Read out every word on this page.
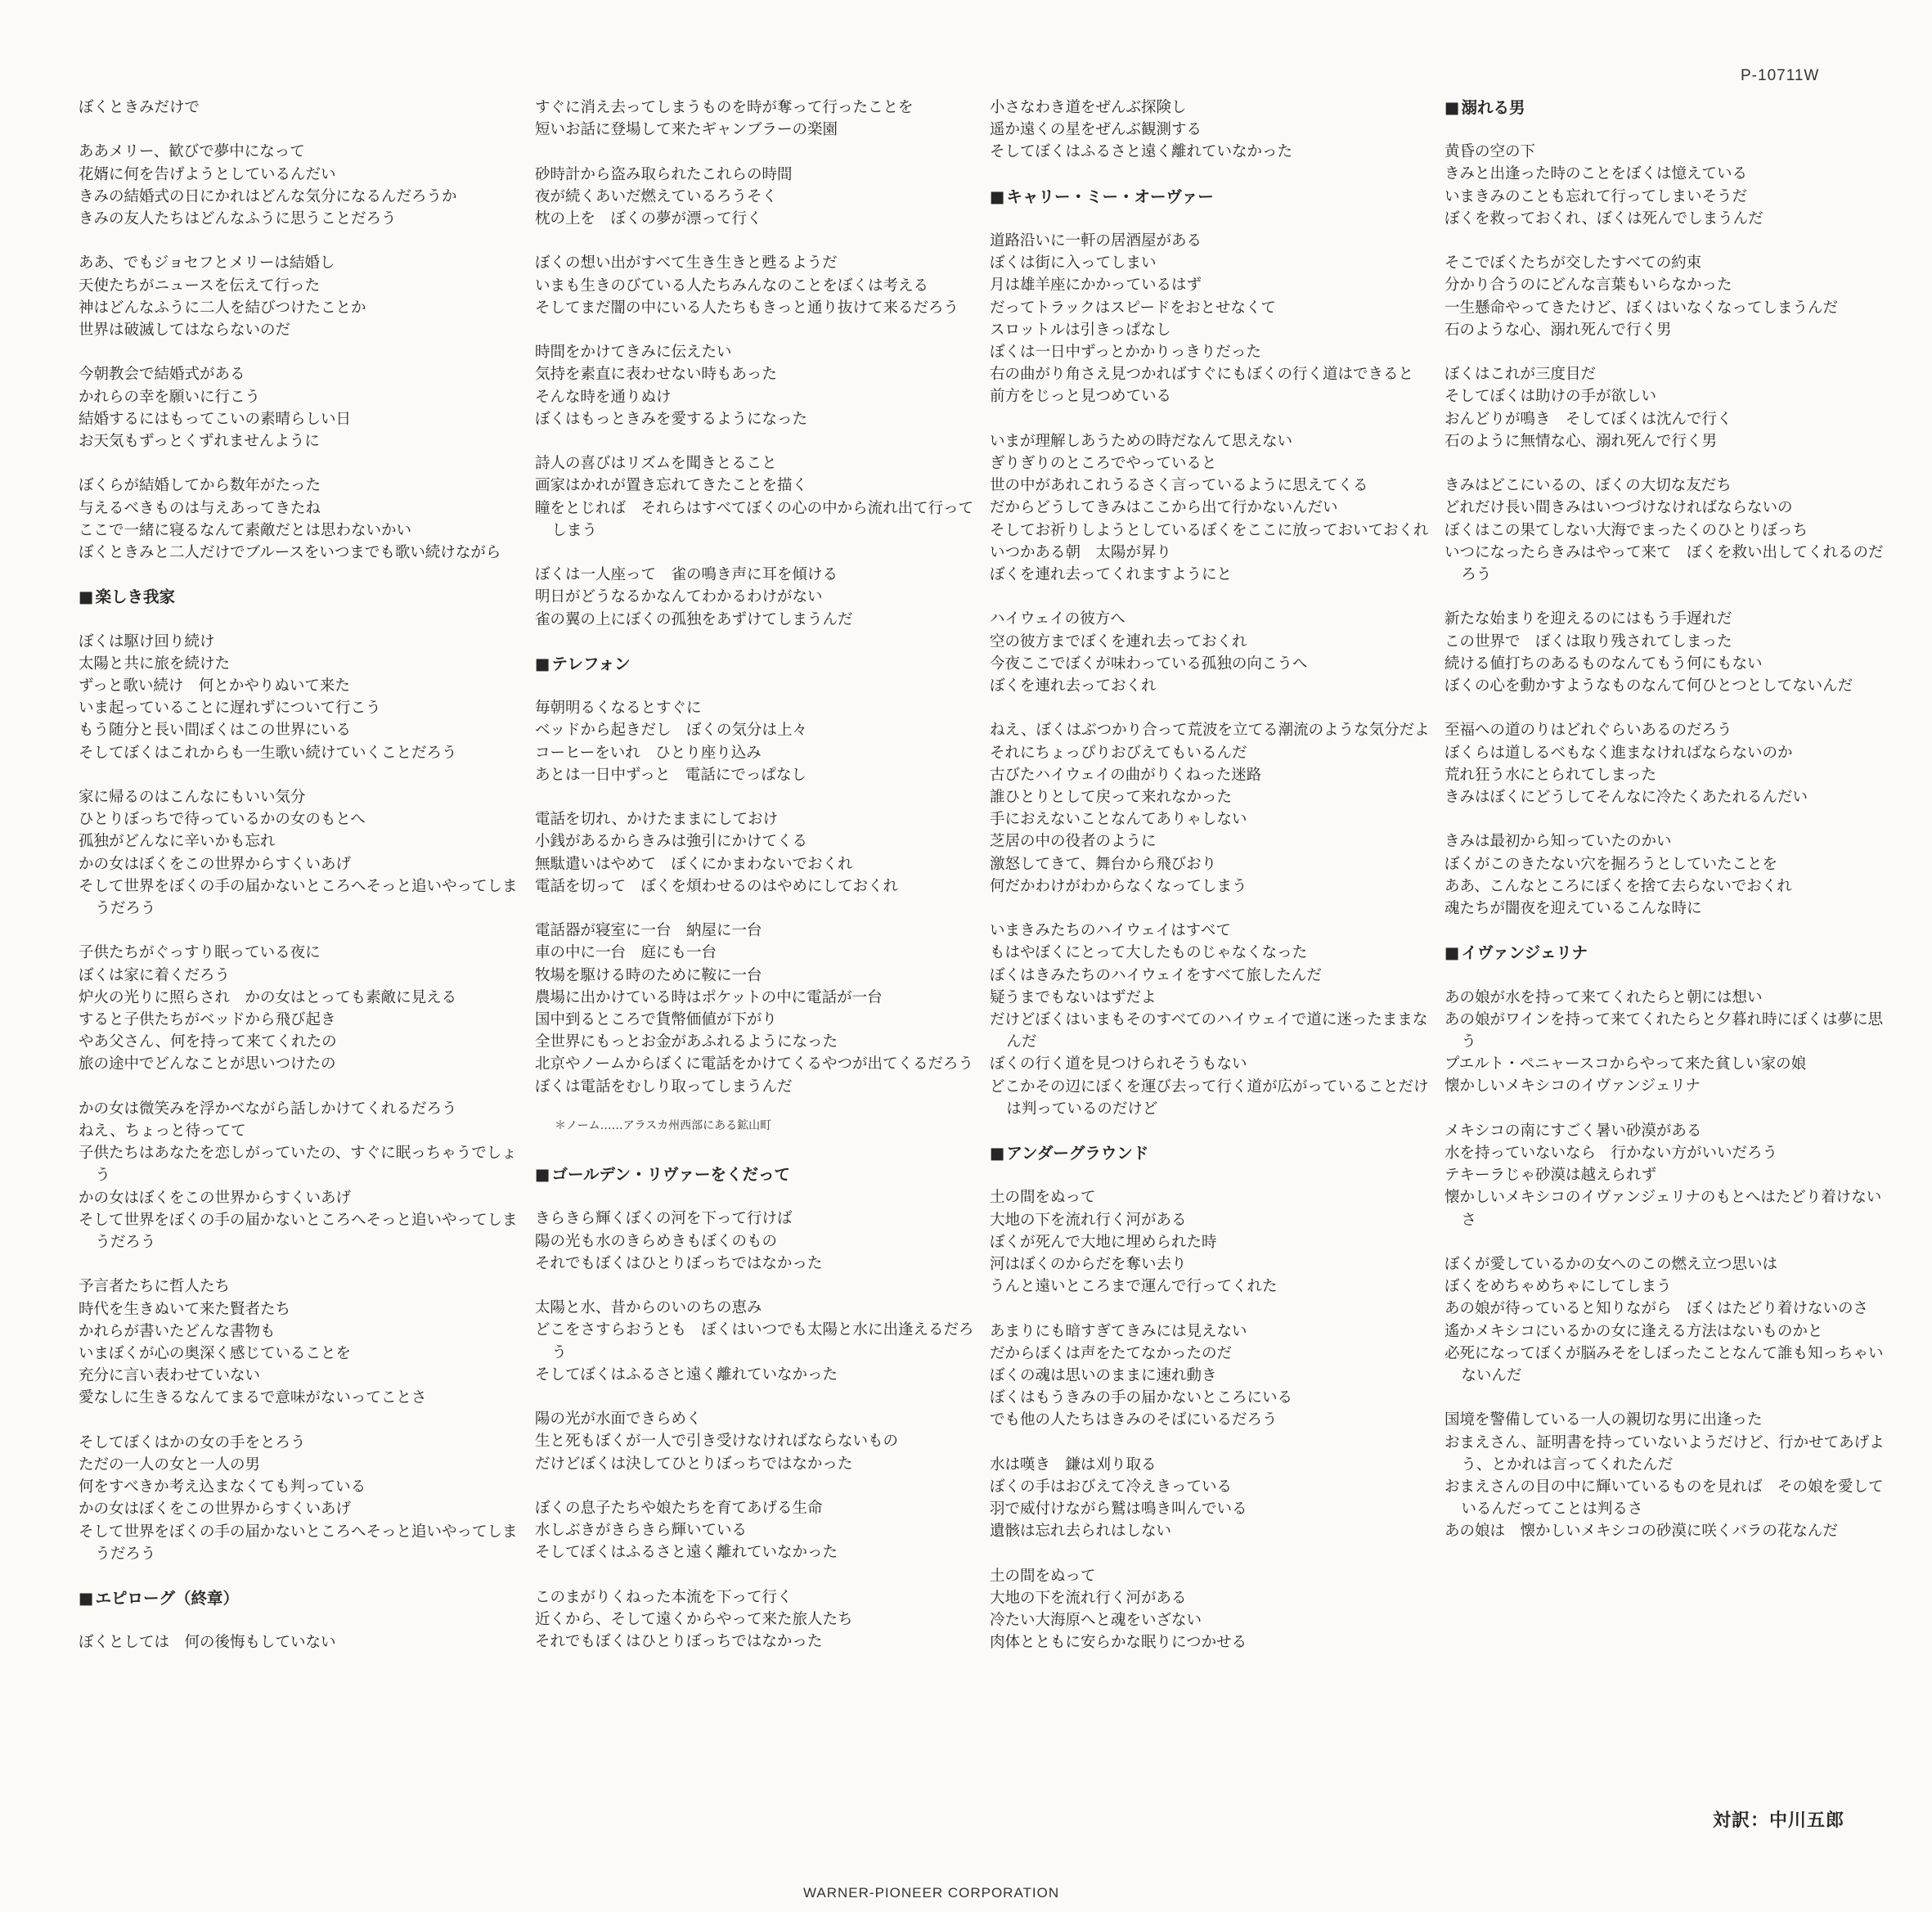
P-10711W

ぼくときみだけで

ああメリー、歓びで夢中になって

花婿に何を告げようとしているんだい

きみの結婚式の日にかれはどんな気分になるんだろうか

きみの友人たちはどんなふうに思うことだろう

ああ、でもジョセフとメリーは結婚し

天使たちがニュースを伝えて行った

神はどんなふうに二人を結びつけたことか

世界は破滅してはならないのだ

今朝教会で結婚式がある

かれらの幸を願いに行こう

結婚するにはもってこいの素晴らしい日

お天気もずっとくずれませんように

ぼくらが結婚してから数年がたった

与えるべきものは与えあってきたね

ここで一緒に寝るなんて素敵だとは思わないかい

ぼくときみと二人だけでブルースをいつまでも歌い続けながら

■ 楽しき我家

ぼくは駆け回り続け

太陽と共に旅を続けた

ずっと歌い続け　何とかやりぬいて来た

いま起っていることに遅れずについて行こう

もう随分と長い間ぼくはこの世界にいる

そしてぼくはこれからも一生歌い続けていくことだろう

家に帰るのはこんなにもいい気分

ひとりぼっちで待っているかの女のもとへ

孤独がどんなに辛いかも忘れ

かの女はぼくをこの世界からすくいあげ

そして世界をぼくの手の届かないところへそっと追いやってしまうだろう

子供たちがぐっすり眠っている夜に

ぼくは家に着くだろう

炉火の光りに照らされ　かの女はとっても素敵に見える

すると子供たちがベッドから飛び起き

やあ父さん、何を持って来てくれたの

旅の途中でどんなことが思いつけたの

かの女は微笑みを浮かべながら話しかけてくれるだろう

ねえ、ちょっと待ってて

子供たちはあなたを恋しがっていたの、すぐに眠っちゃうでしょう

かの女はぼくをこの世界からすくいあげ

そして世界をぼくの手の届かないところへそっと追いやってしまうだろう

予言者たちに哲人たち

時代を生きぬいて来た賢者たち

かれらが書いたどんな書物も

いまぼくが心の奥深く感じていることを

充分に言い表わせていない

愛なしに生きるなんてまるで意味がないってことさ

そしてぼくはかの女の手をとろう

ただの一人の女と一人の男

何をすべきか考え込まなくても判っている

かの女はぼくをこの世界からすくいあげ

そして世界をぼくの手の届かないところへそっと追いやってしまうだろう

■ エピローグ（終章）

ぼくとしては　何の後悔もしていない

すぐに消え去ってしまうものを時が奪って行ったことを

短いお話に登場して来たギャンブラーの楽園

砂時計から盗み取られたこれらの時間

夜が続くあいだ燃えているろうそく

枕の上を　ぼくの夢が漂って行く

ぼくの想い出がすべて生き生きと甦るようだ

いまも生きのびている人たちみんなのことをぼくは考える

そしてまだ闇の中にいる人たちもきっと通り抜けて来るだろう

時間をかけてきみに伝えたい

気持を素直に表わせない時もあった

そんな時を通りぬけ

ぼくはもっときみを愛するようになった

詩人の喜びはリズムを聞きとること

画家はかれが置き忘れてきたことを描く

瞳をとじれば　それらはすべてぼくの心の中から流れ出て行ってしまう

ぼくは一人座って　雀の鳴き声に耳を傾ける

明日がどうなるかなんてわかるわけがない

雀の翼の上にぼくの孤独をあずけてしまうんだ

■ テレフォン

毎朝明るくなるとすぐに

ベッドから起きだし　ぼくの気分は上々

コーヒーをいれ　ひとり座り込み

あとは一日中ずっと　電話にでっぱなし

電話を切れ、かけたままにしておけ

小銭があるからきみは強引にかけてくる

無駄遣いはやめて　ぼくにかまわないでおくれ

電話を切って　ぼくを煩わせるのはやめにしておくれ

電話器が寝室に一台　納屋に一台

車の中に一台　庭にも一台

牧場を駆ける時のために鞍に一台

農場に出かけている時はポケットの中に電話が一台

国中到るところで貨幣価値が下がり

全世界にもっとお金があふれるようになった

北京やノームからぼくに電話をかけてくるやつが出てくるだろう

ぼくは電話をむしり取ってしまうんだ

＊ノーム……アラスカ州西部にある鉱山町
■ ゴールデン・リヴァーをくだって

きらきら輝くぼくの河を下って行けば

陽の光も水のきらめきもぼくのもの

それでもぼくはひとりぼっちではなかった

太陽と水、昔からのいのちの恵み

どこをさすらおうとも　ぼくはいつでも太陽と水に出逢えるだろう

そしてぼくはふるさと遠く離れていなかった

陽の光が水面できらめく

生と死もぼくが一人で引き受けなければならないもの

だけどぼくは決してひとりぼっちではなかった

ぼくの息子たちや娘たちを育てあげる生命

水しぶきがきらきら輝いている

そしてぼくはふるさと遠く離れていなかった

このまがりくねった本流を下って行く

近くから、そして遠くからやって来た旅人たち

それでもぼくはひとりぼっちではなかった

小さなわき道をぜんぶ探険し

遥か遠くの星をぜんぶ観測する

そしてぼくはふるさと遠く離れていなかった

■ キャリー・ミー・オーヴァー

道路沿いに一軒の居酒屋がある

ぼくは街に入ってしまい

月は雄羊座にかかっているはず

だってトラックはスピードをおとせなくて

スロットルは引きっぱなし

ぼくは一日中ずっとかかりっきりだった

右の曲がり角さえ見つかればすぐにもぼくの行く道はできると

前方をじっと見つめている

いまが理解しあうための時だなんて思えない

ぎりぎりのところでやっていると

世の中があれこれうるさく言っているように思えてくる

だからどうしてきみはここから出て行かないんだい

そしてお祈りしようとしているぼくをここに放っておいておくれ

いつかある朝　太陽が昇り

ぼくを連れ去ってくれますようにと

ハイウェイの彼方へ

空の彼方までぼくを連れ去っておくれ

今夜ここでぼくが味わっている孤独の向こうへ

ぼくを連れ去っておくれ

ねえ、ぼくはぶつかり合って荒波を立てる潮流のような気分だよ

それにちょっぴりおびえてもいるんだ

古びたハイウェイの曲がりくねった迷路

誰ひとりとして戻って来れなかった

手におえないことなんてありゃしない

芝居の中の役者のように

激怒してきて、舞台から飛びおり

何だかわけがわからなくなってしまう

いまきみたちのハイウェイはすべて

もはやぼくにとって大したものじゃなくなった

ぼくはきみたちのハイウェイをすべて旅したんだ

疑うまでもないはずだよ

だけどぼくはいまもそのすべてのハイウェイで道に迷ったままなんだ

ぼくの行く道を見つけられそうもない

どこかその辺にぼくを運び去って行く道が広がっていることだけは判っているのだけど

■ アンダーグラウンド

土の間をぬって

大地の下を流れ行く河がある

ぼくが死んで大地に埋められた時

河はぼくのからだを奪い去り

うんと遠いところまで運んで行ってくれた

あまりにも暗すぎてきみには見えない

だからぼくは声をたてなかったのだ

ぼくの魂は思いのままに速れ動き

ぼくはもうきみの手の届かないところにいる

でも他の人たちはきみのそばにいるだろう

水は嘆き　鎌は刈り取る

ぼくの手はおびえて冷えきっている

羽で威付けながら鷲は鳴き叫んでいる

遺骸は忘れ去られはしない

土の間をぬって

大地の下を流れ行く河がある

冷たい大海原へと魂をいざない

肉体とともに安らかな眠りにつかせる

■ 溺れる男

黄昏の空の下

きみと出逢った時のことをぼくは憶えている

いまきみのことも忘れて行ってしまいそうだ

ぼくを救っておくれ、ぼくは死んでしまうんだ

そこでぼくたちが交したすべての約束

分かり合うのにどんな言葉もいらなかった

一生懸命やってきたけど、ぼくはいなくなってしまうんだ

石のような心、溺れ死んで行く男

ぼくはこれが三度目だ

そしてぼくは助けの手が欲しい

おんどりが鳴き　そしてぼくは沈んで行く

石のように無情な心、溺れ死んで行く男

きみはどこにいるの、ぼくの大切な友だち

どれだけ長い間きみはいつづけなければならないの

ぼくはこの果てしない大海でまったくのひとりぼっち

いつになったらきみはやって来て　ぼくを救い出してくれるのだろう

新たな始まりを迎えるのにはもう手遅れだ

この世界で　ぼくは取り残されてしまった

続ける値打ちのあるものなんてもう何にもない

ぼくの心を動かすようなものなんて何ひとつとしてないんだ

至福への道のりはどれぐらいあるのだろう

ぼくらは道しるべもなく進まなければならないのか

荒れ狂う水にとられてしまった

きみはぼくにどうしてそんなに冷たくあたれるんだい

きみは最初から知っていたのかい

ぼくがこのきたない穴を掘ろうとしていたことを

ああ、こんなところにぼくを捨て去らないでおくれ

魂たちが闇夜を迎えているこんな時に

■ イヴァンジェリナ

あの娘が水を持って来てくれたらと朝には想い

あの娘がワインを持って来てくれたらと夕暮れ時にぼくは夢に思う

プエルト・ペニャースコからやって来た貧しい家の娘

懐かしいメキシコのイヴァンジェリナ

メキシコの南にすごく暑い砂漠がある

水を持っていないなら　行かない方がいいだろう

テキーラじゃ砂漠は越えられず

懐かしいメキシコのイヴァンジェリナのもとへはたどり着けないさ

ぼくが愛しているかの女へのこの燃え立つ思いは

ぼくをめちゃめちゃにしてしまう

あの娘が待っていると知りながら　ぼくはたどり着けないのさ

遙かメキシコにいるかの女に逢える方法はないものかと

必死になってぼくが脳みそをしぼったことなんて誰も知っちゃいないんだ

国境を警備している一人の親切な男に出逢った

おまえさん、証明書を持っていないようだけど、行かせてあげよう、とかれは言ってくれたんだ

おまえさんの目の中に輝いているものを見れば　その娘を愛しているんだってことは判るさ

あの娘は　懐かしいメキシコの砂漠に咲くバラの花なんだ

対訳：中川五郎
WARNER-PIONEER CORPORATION
